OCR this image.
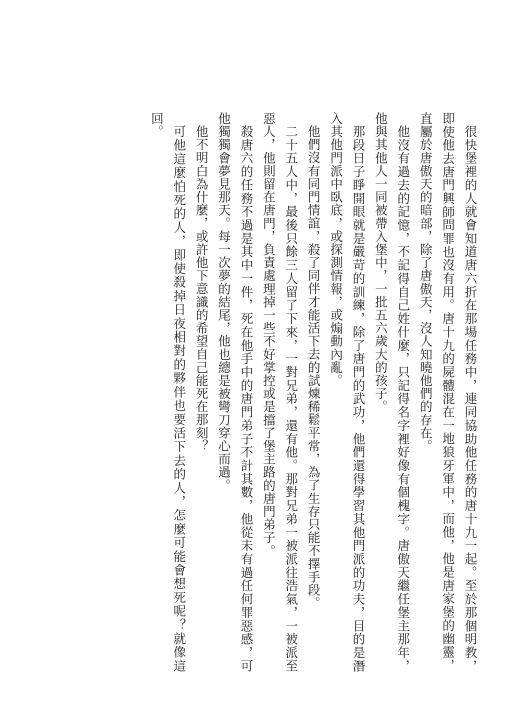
很快堡裡的人就會知道唐六折在那場任務中，連同協助他任務的唐十九一起。至於那個明教，即使他去唐門興師問罪也沒有用。唐十九的屍體混在一地狼牙軍中，而他，他是唐家堡的幽靈，直屬於唐傲天的暗部，除了唐傲天，沒人知曉他們的存在。

他沒有過去的記憶，不記得自己姓什麼，只記得名字裡好像有個槐字。唐傲天繼任堡主那年，他與其他人一同被帶入堡中，一批五六歲大的孩子。

那段日子睜開眼就是嚴苛的訓練，除了唐門的武功，他們還得學習其他門派的功夫，目的是潛入其他門派中臥底，或探測情報，或煽動內亂。

他們沒有同門情誼，殺了同伴才能活下去的試煉稀鬆平常，為了生存只能不擇手段。

二十五人中，最後只餘三人留了下來，一對兄弟，還有他。那對兄弟一被派往浩氣，一被派至惡人，他則留在唐門，負責處理掉一些不好掌控或是擋了堡主路的唐門弟子。

殺唐六的任務不過是其中一件，死在他手中的唐門弟子不計其數，他從未有過任何罪惡感，可他獨獨會夢見那天。每一次夢的結尾，他也總是被彎刀穿心而過。

他不明白為什麼，或許他下意識的希望自己能死在那刻？

可他這麼怕死的人，即使殺掉日夜相對的夥伴也要活下去的人，怎麼可能會想死呢？就像這回。
